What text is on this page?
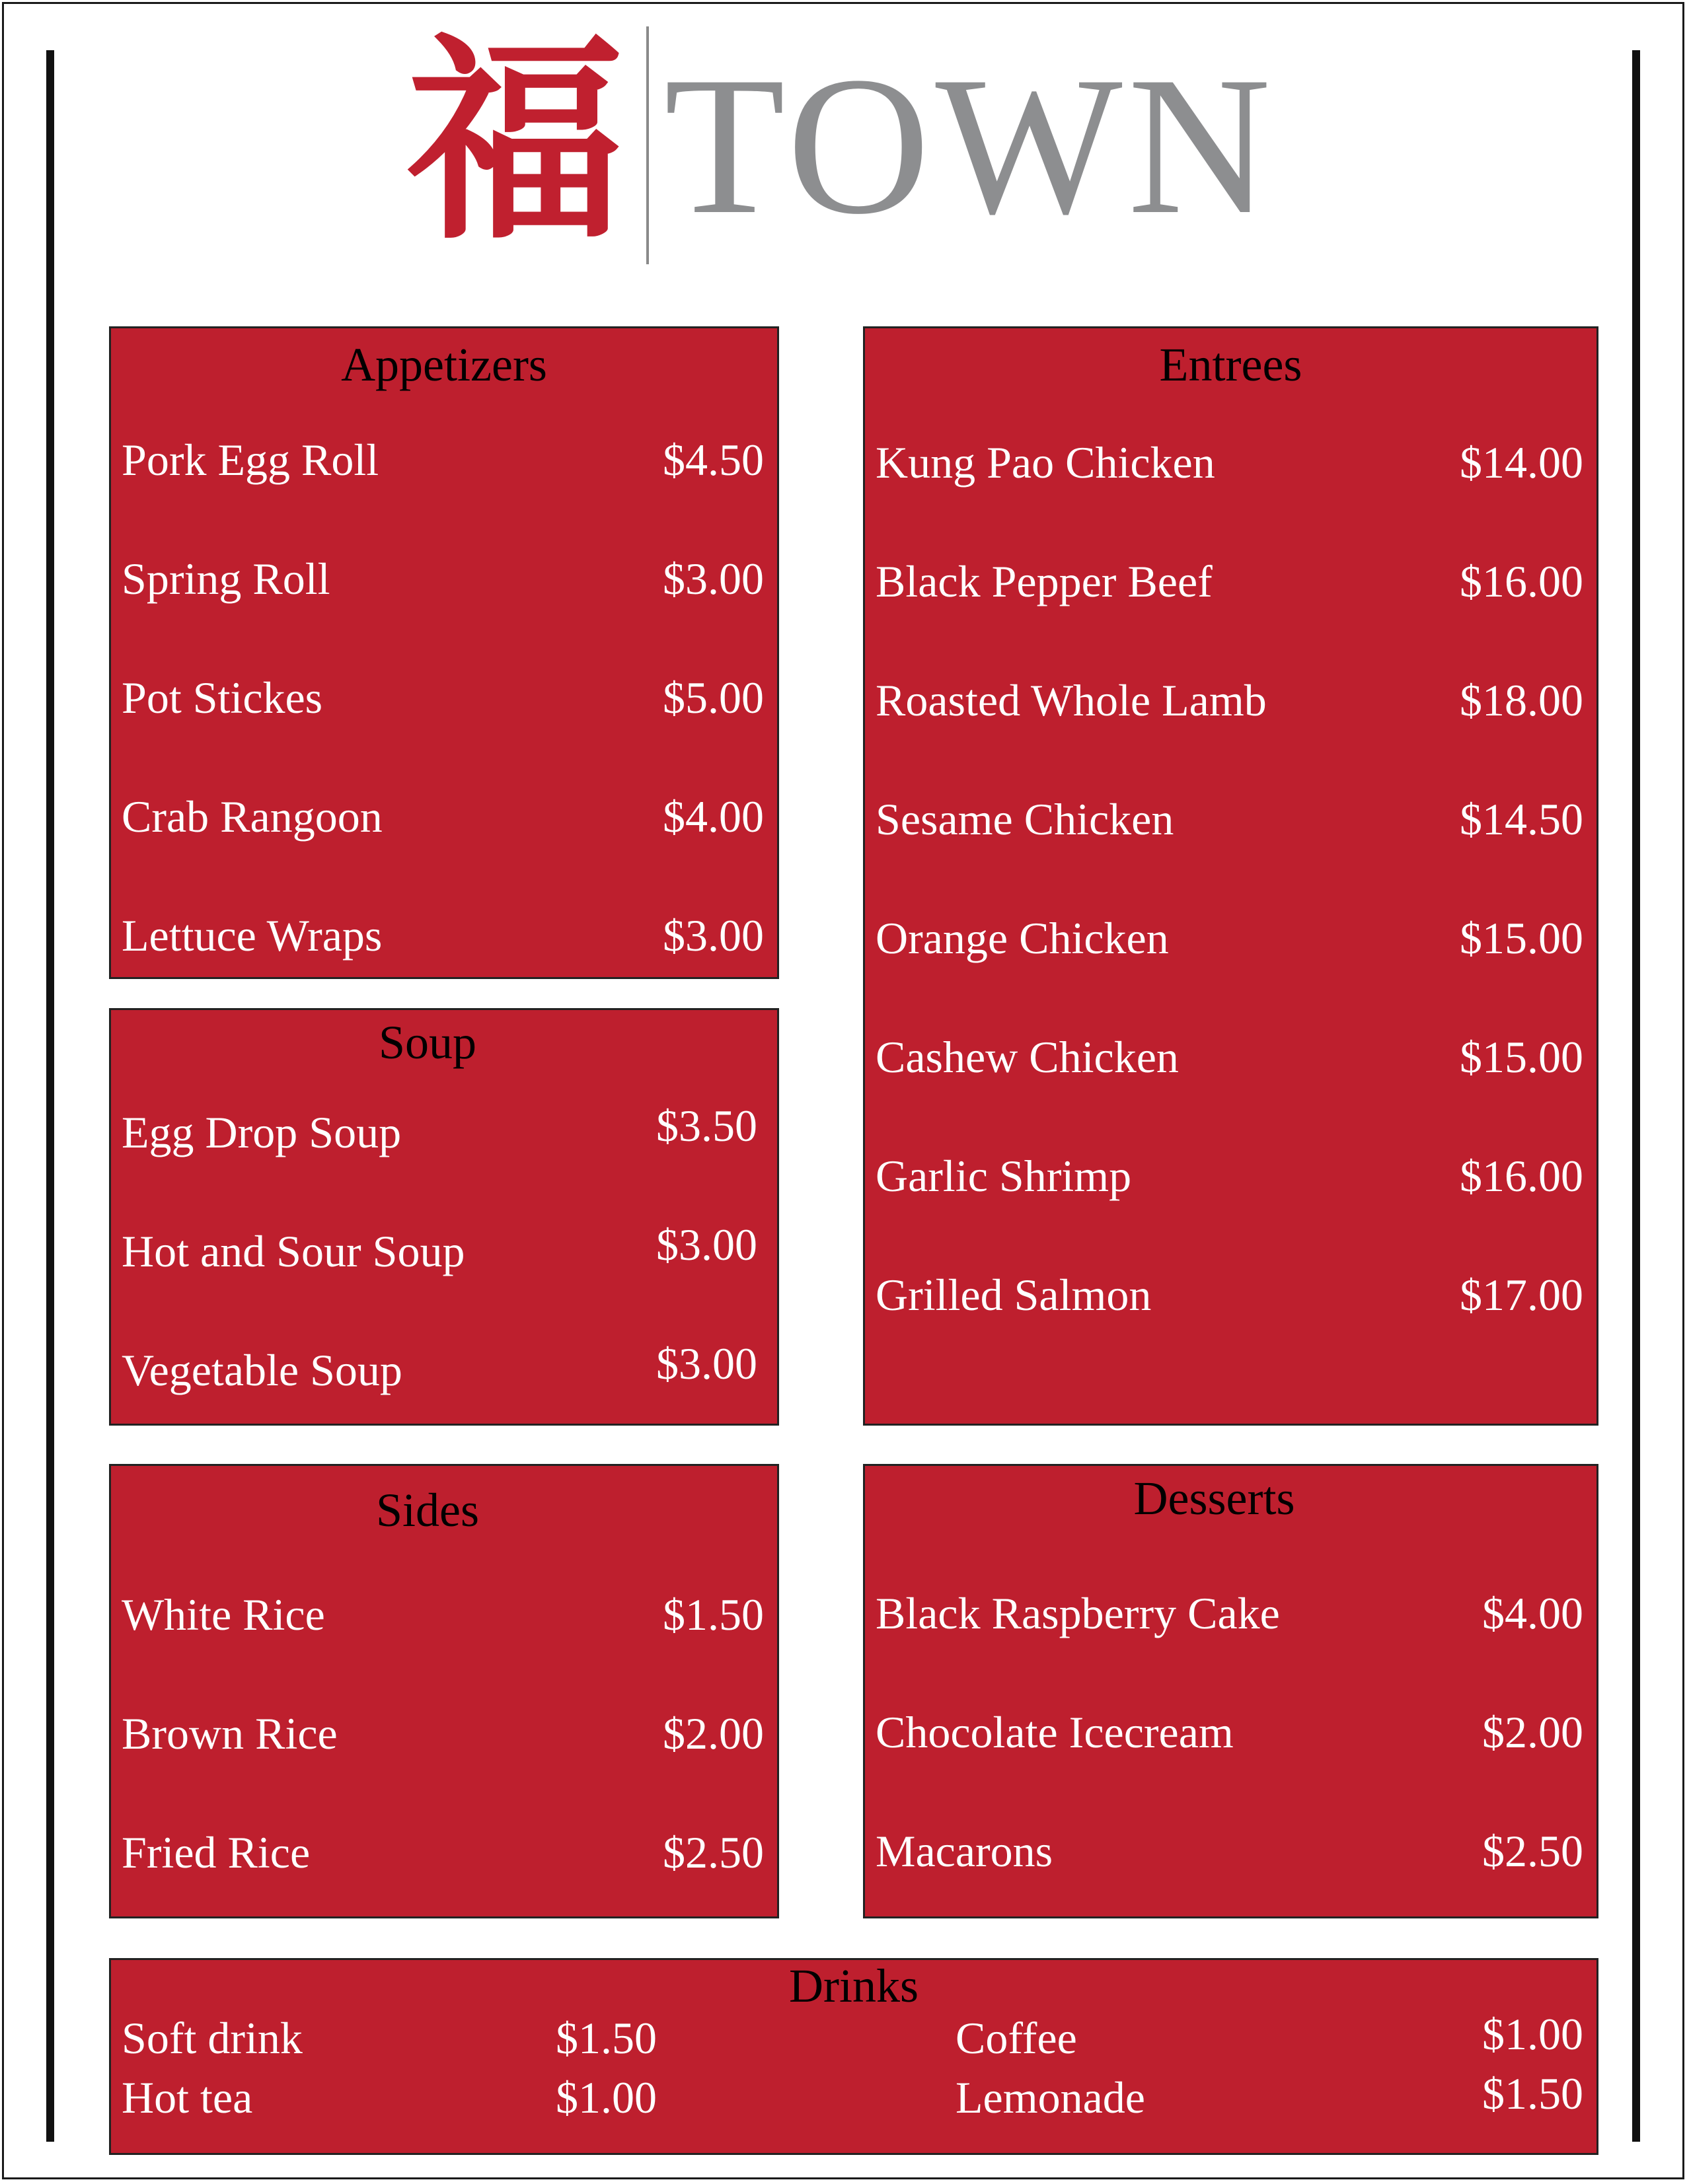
福 TOWN
Appetizers
Pork Egg Roll	$4.50
Spring Roll	$3.00
Pot Stickes	$5.00
Crab Rangoon	$4.00
Lettuce Wraps	$3.00
Soup
Egg Drop Soup	$3.50
Hot and Sour Soup	$3.00
Vegetable Soup	$3.00
Entrees
Kung Pao Chicken	$14.00
Black Pepper Beef	$16.00
Roasted Whole Lamb	$18.00
Sesame Chicken	$14.50
Orange Chicken	$15.00
Cashew Chicken	$15.00
Garlic Shrimp	$16.00
Grilled Salmon	$17.00
Sides
White Rice	$1.50
Brown Rice	$2.00
Fried Rice	$2.50
Desserts
Black Raspberry Cake	$4.00
Chocolate Icecream	$2.00
Macarons	$2.50
Drinks
Soft drink	$1.50
Hot tea	$1.00
Coffee	$1.00
Lemonade	$1.50
